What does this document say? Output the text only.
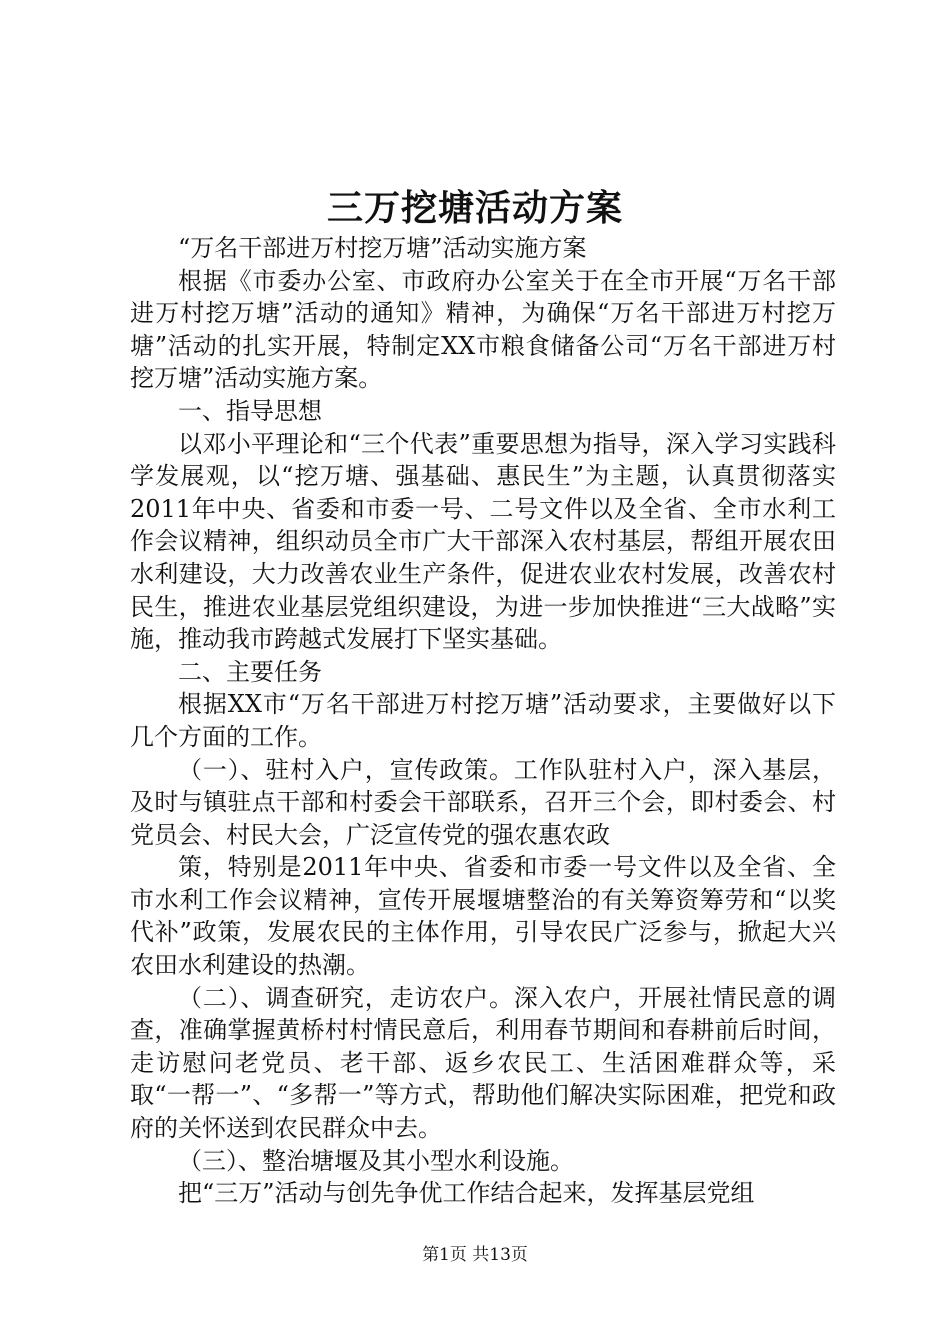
三万挖塘活动方案

“万名干部进万村挖万塘”活动实施方案

根据《市委办公室、市政府办公室关于在全市开展“万名干部进万村挖万塘”活动的通知》精神，为确保“万名干部进万村挖万塘”活动的扎实开展，特制定XX市粮食储备公司“万名干部进万村挖万塘”活动实施方案。

一、指导思想

以邓小平理论和“三个代表”重要思想为指导，深入学习实践科学发展观，以“挖万塘、强基础、惠民生”为主题，认真贯彻落实2011年中央、省委和市委一号、二号文件以及全省、全市水利工作会议精神，组织动员全市广大干部深入农村基层，帮组开展农田水利建设，大力改善农业生产条件，促进农业农村发展，改善农村民生，推进农业基层党组织建设，为进一步加快推进“三大战略”实施，推动我市跨越式发展打下坚实基础。

二、主要任务

根据XX市“万名干部进万村挖万塘”活动要求，主要做好以下几个方面的工作。

（一）、驻村入户，宣传政策。工作队驻村入户，深入基层，及时与镇驻点干部和村委会干部联系，召开三个会，即村委会、村党员会、村民大会，广泛宣传党的强农惠农政

策，特别是2011年中央、省委和市委一号文件以及全省、全市水利工作会议精神，宣传开展堰塘整治的有关筹资筹劳和“以奖代补”政策，发展农民的主体作用，引导农民广泛参与，掀起大兴农田水利建设的热潮。

（二）、调查研究，走访农户。深入农户，开展社情民意的调查，准确掌握黄桥村村情民意后，利用春节期间和春耕前后时间，走访慰问老党员、老干部、返乡农民工、生活困难群众等，采取“一帮一”、“多帮一”等方式，帮助他们解决实际困难，把党和政府的关怀送到农民群众中去。

（三）、整治塘堰及其小型水利设施。

把“三万”活动与创先争优工作结合起来，发挥基层党组

第1页 共13页
